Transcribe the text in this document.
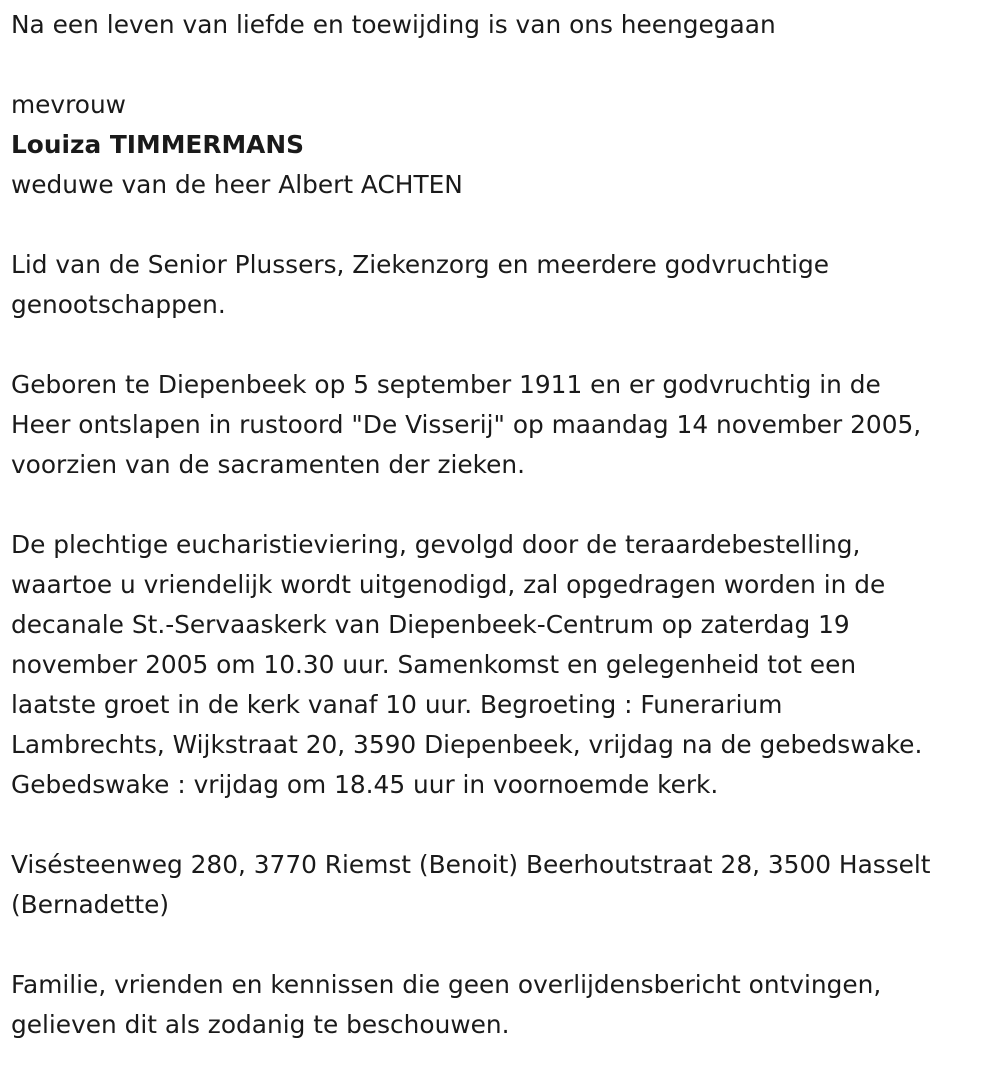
Na een leven van liefde en toewijding is van ons heengegaan
mevrouw
Louiza TIMMERMANS
weduwe van de heer Albert ACHTEN
Lid van de Senior Plussers, Ziekenzorg en meerdere godvruchtige
genootschappen.
Geboren te Diepenbeek op 5 september 1911 en er godvruchtig in de
Heer ontslapen in rustoord "De Visserij" op maandag 14 november 2005,
voorzien van de sacramenten der zieken.
De plechtige eucharistieviering, gevolgd door de teraardebestelling,
waartoe u vriendelijk wordt uitgenodigd, zal opgedragen worden in de
decanale St.-Servaaskerk van Diepenbeek-Centrum op zaterdag 19
november 2005 om 10.30 uur. Samenkomst en gelegenheid tot een
laatste groet in de kerk vanaf 10 uur. Begroeting : Funerarium
Lambrechts, Wijkstraat 20, 3590 Diepenbeek, vrijdag na de gebedswake.
Gebedswake : vrijdag om 18.45 uur in voornoemde kerk.
Visésteenweg 280, 3770 Riemst (Benoit) Beerhoutstraat 28, 3500 Hasselt
(Bernadette)
Familie, vrienden en kennissen die geen overlijdensbericht ontvingen,
gelieven dit als zodanig te beschouwen.
